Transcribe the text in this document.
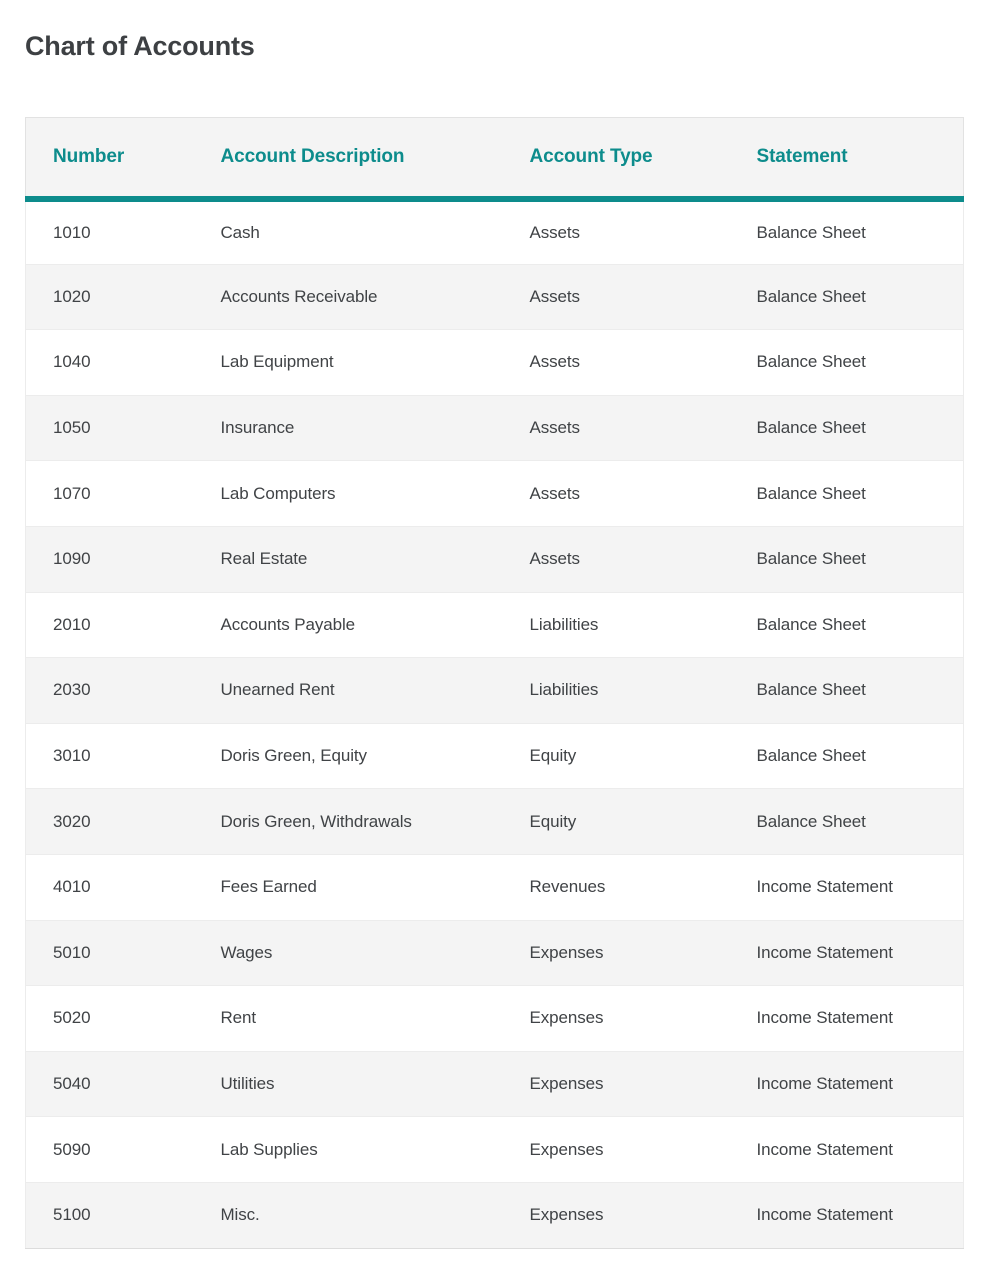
Chart of Accounts
Number	Account Description	Account Type	Statement
1010	Cash	Assets	Balance Sheet
1020	Accounts Receivable	Assets	Balance Sheet
1040	Lab Equipment	Assets	Balance Sheet
1050	Insurance	Assets	Balance Sheet
1070	Lab Computers	Assets	Balance Sheet
1090	Real Estate	Assets	Balance Sheet
2010	Accounts Payable	Liabilities	Balance Sheet
2030	Unearned Rent	Liabilities	Balance Sheet
3010	Doris Green, Equity	Equity	Balance Sheet
3020	Doris Green, Withdrawals	Equity	Balance Sheet
4010	Fees Earned	Revenues	Income Statement
5010	Wages	Expenses	Income Statement
5020	Rent	Expenses	Income Statement
5040	Utilities	Expenses	Income Statement
5090	Lab Supplies	Expenses	Income Statement
5100	Misc.	Expenses	Income Statement
